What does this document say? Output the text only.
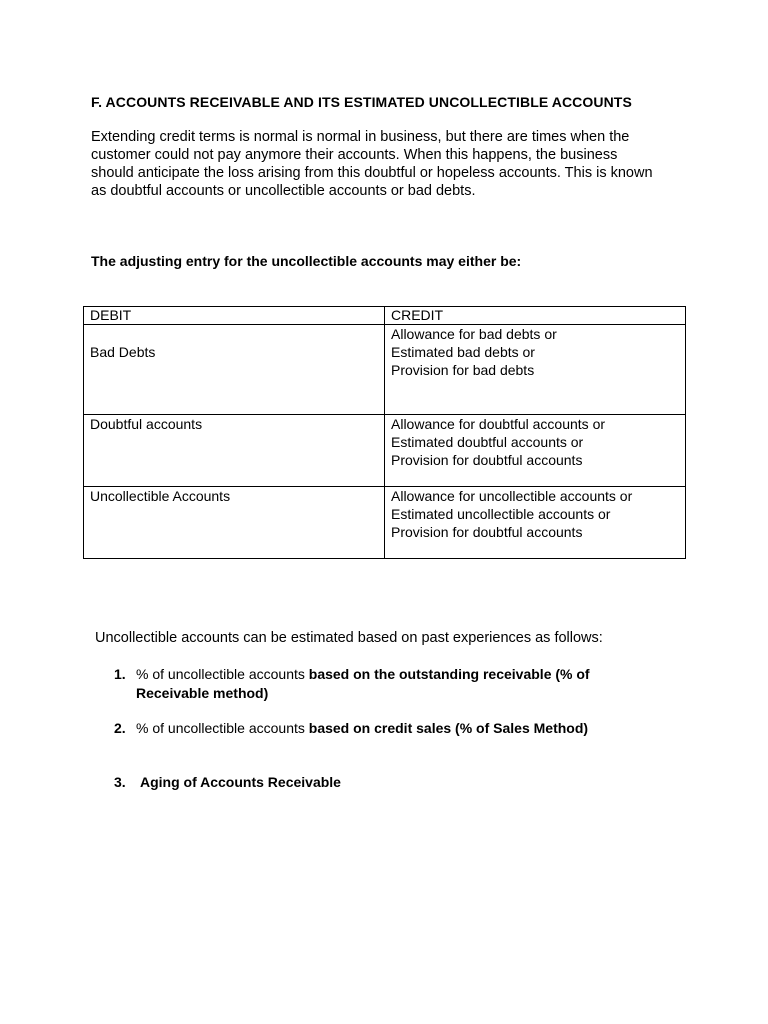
F. ACCOUNTS RECEIVABLE AND ITS ESTIMATED UNCOLLECTIBLE ACCOUNTS
Extending credit terms is normal is normal in business, but there are times when the
customer could not pay anymore their accounts. When this happens, the business
should anticipate the loss arising from this doubtful or hopeless accounts. This is known
as doubtful accounts or uncollectible accounts or bad debts.
The adjusting entry for the uncollectible accounts may either be:
DEBIT	CREDIT

Bad Debts	Allowance for bad debts or
Estimated bad debts or
Provision for bad debts

Doubtful accounts	Allowance for doubtful accounts or
Estimated doubtful accounts or
Provision for doubtful accounts

Uncollectible Accounts	Allowance for uncollectible accounts or
Estimated uncollectible accounts or
Provision for doubtful accounts
Uncollectible accounts can be estimated based on past experiences as follows:
1. % of uncollectible accounts based on the outstanding receivable (% of
Receivable method)
2. % of uncollectible accounts based on credit sales (% of Sales Method)
3. Aging of Accounts Receivable
